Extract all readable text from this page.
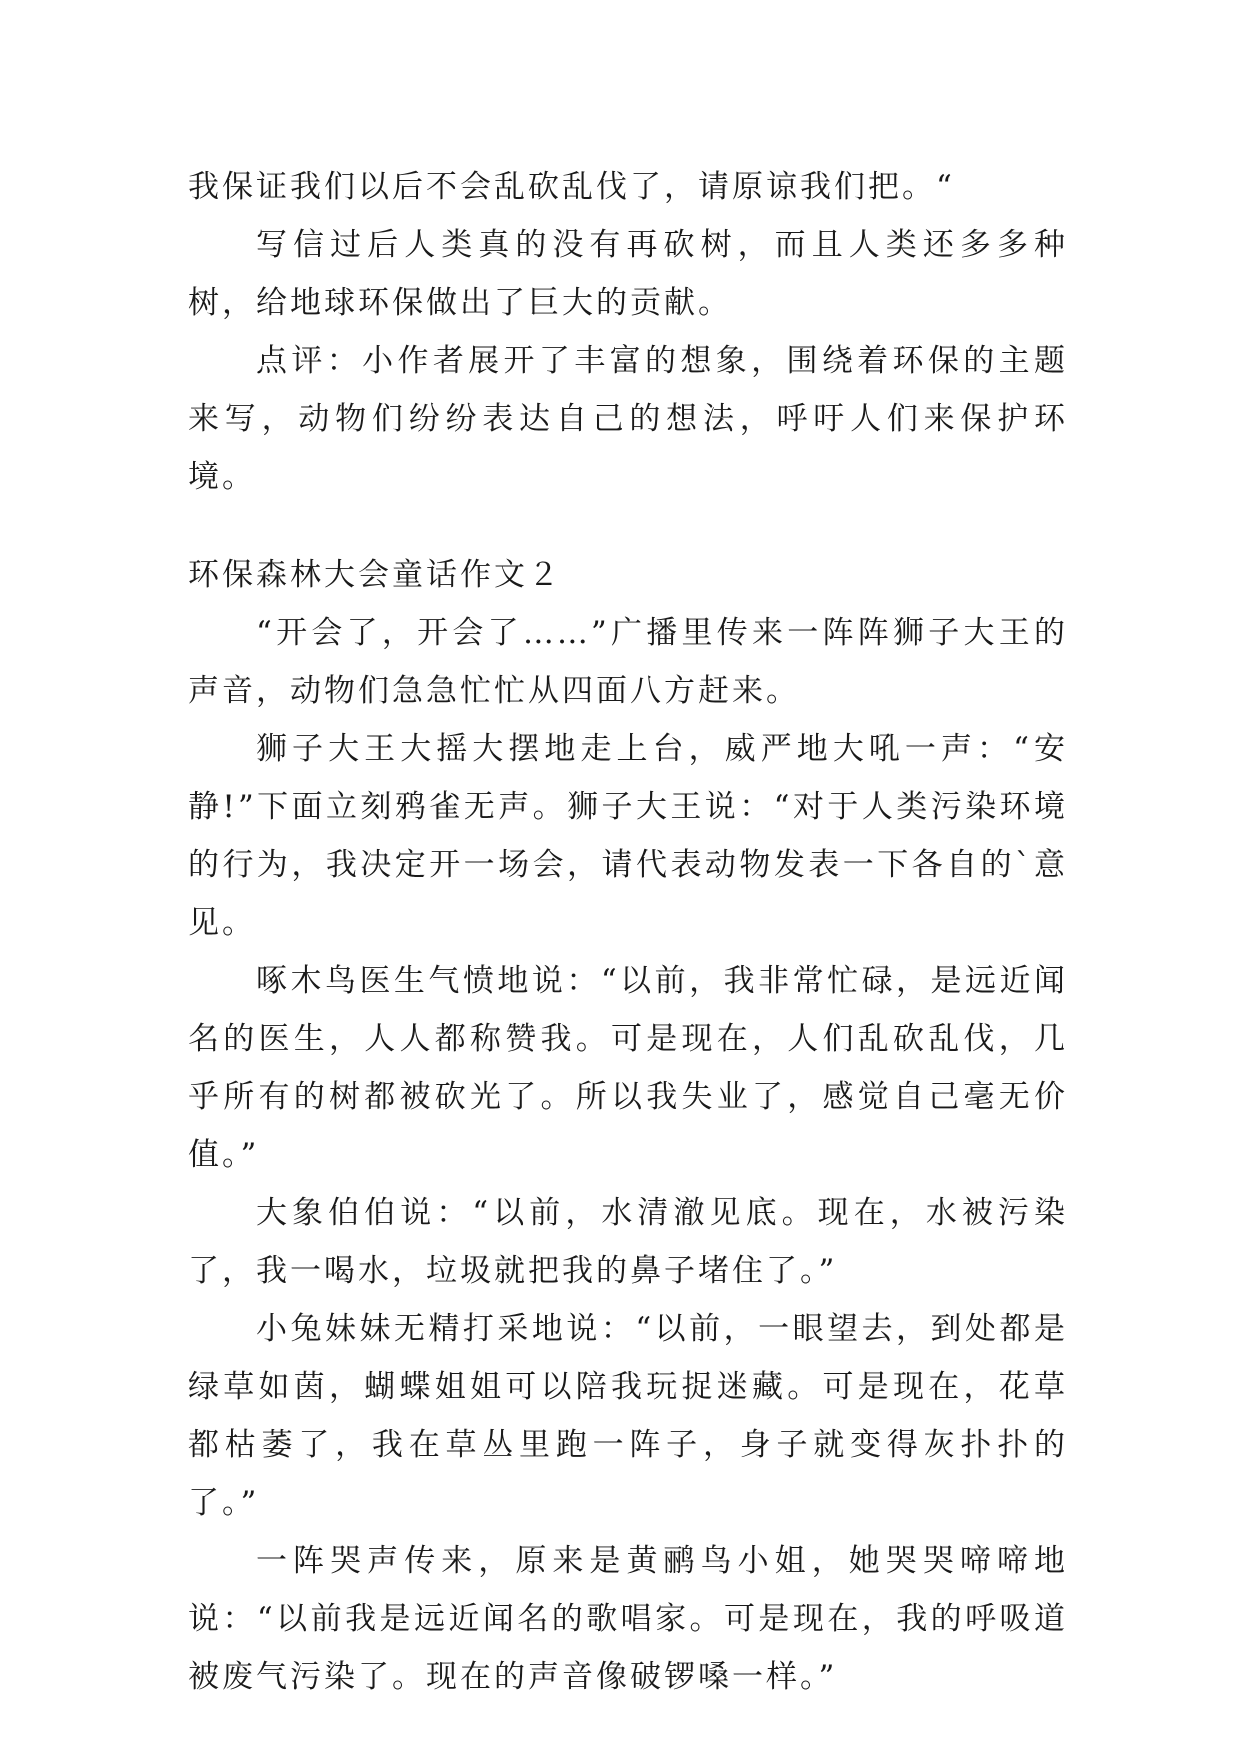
我保证我们以后不会乱砍乱伐了，请原谅我们把。“

写信过后人类真的没有再砍树，而且人类还多多种树，给地球环保做出了巨大的贡献。

点评：小作者展开了丰富的想象，围绕着环保的主题来写，动物们纷纷表达自己的想法，呼吁人们来保护环境。

环保森林大会童话作文２

“开会了，开会了……”广播里传来一阵阵狮子大王的声音，动物们急急忙忙从四面八方赶来。

狮子大王大摇大摆地走上台，威严地大吼一声：“安静!”下面立刻鸦雀无声。狮子大王说：“对于人类污染环境的行为，我决定开一场会，请代表动物发表一下各自的`意见。

啄木鸟医生气愤地说：“以前，我非常忙碌，是远近闻名的医生，人人都称赞我。可是现在，人们乱砍乱伐，几乎所有的树都被砍光了。所以我失业了，感觉自己毫无价值。”

大象伯伯说：“以前，水清澈见底。现在，水被污染了，我一喝水，垃圾就把我的鼻子堵住了。”

小兔妹妹无精打采地说：“以前，一眼望去，到处都是绿草如茵，蝴蝶姐姐可以陪我玩捉迷藏。可是现在，花草都枯萎了，我在草丛里跑一阵子，身子就变得灰扑扑的了。”

一阵哭声传来，原来是黄鹂鸟小姐，她哭哭啼啼地说：“以前我是远近闻名的歌唱家。可是现在，我的呼吸道被废气污染了。现在的声音像破锣嗓一样。”
